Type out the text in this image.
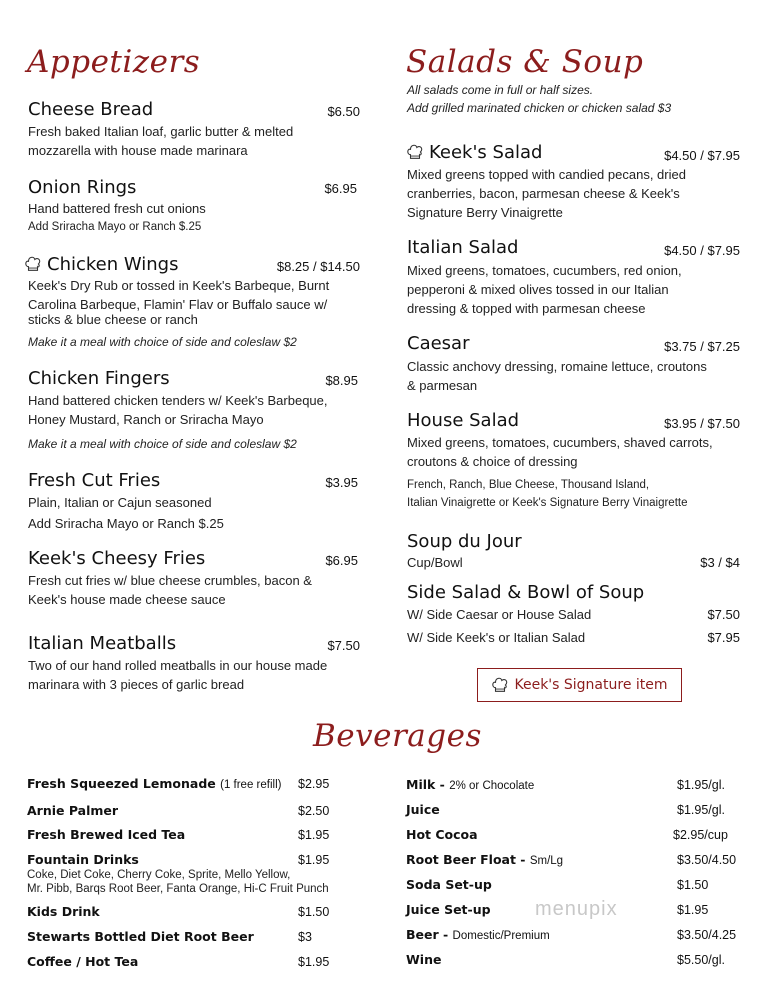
Appetizers
Cheese Bread	$6.50
Fresh baked Italian loaf, garlic butter & melted
mozzarella with house made marinara
Onion Rings	$6.95
Hand battered fresh cut onions
Add Sriracha Mayo or Ranch $.25
Chicken Wings	$8.25 / $14.50
Keek's Dry Rub or tossed in Keek's Barbeque, Burnt
Carolina Barbeque, Flamin' Flav or Buffalo sauce w/
sticks & blue cheese or ranch
Make it a meal with choice of side and coleslaw $2
Chicken Fingers	$8.95
Hand battered chicken tenders w/ Keek's Barbeque,
Honey Mustard, Ranch or Sriracha Mayo
Make it a meal with choice of side and coleslaw $2
Fresh Cut Fries	$3.95
Plain, Italian or Cajun seasoned
Add Sriracha Mayo or Ranch $.25
Keek's Cheesy Fries	$6.95
Fresh cut fries w/ blue cheese crumbles, bacon &
Keek's house made cheese sauce
Italian Meatballs	$7.50
Two of our hand rolled meatballs in our house made
marinara with 3 pieces of garlic bread
Salads & Soup
All salads come in full or half sizes.
Add grilled marinated chicken or chicken salad $3
Keek's Salad	$4.50 / $7.95
Mixed greens topped with candied pecans, dried
cranberries, bacon, parmesan cheese & Keek's
Signature Berry Vinaigrette
Italian Salad	$4.50 / $7.95
Mixed greens, tomatoes, cucumbers, red onion,
pepperoni & mixed olives tossed in our Italian
dressing & topped with parmesan cheese
Caesar	$3.75 / $7.25
Classic anchovy dressing, romaine lettuce, croutons
& parmesan
House Salad	$3.95 / $7.50
Mixed greens, tomatoes, cucumbers, shaved carrots,
croutons & choice of dressing
French, Ranch, Blue Cheese, Thousand Island,
Italian Vinaigrette or Keek's Signature Berry Vinaigrette
Soup du Jour
Cup/Bowl	$3 / $4
Side Salad & Bowl of Soup
W/ Side Caesar or House Salad	$7.50
W/ Side Keek's or Italian Salad	$7.95
Keek's Signature item
Beverages
Fresh Squeezed Lemonade (1 free refill) $2.95
Arnie Palmer	$2.50
Fresh Brewed Iced Tea	$1.95
Fountain Drinks	$1.95
Coke, Diet Coke, Cherry Coke, Sprite, Mello Yellow,
Mr. Pibb, Barqs Root Beer, Fanta Orange, Hi-C Fruit Punch
Kids Drink	$1.50
Stewarts Bottled Diet Root Beer	$3
Coffee / Hot Tea	$1.95
Milk - 2% or Chocolate	$1.95/gl.
Juice	$1.95/gl.
Hot Cocoa	$2.95/cup
Root Beer Float - Sm/Lg	$3.50/4.50
Soda Set-up	$1.50
Juice Set-up	$1.95
Beer - Domestic/Premium	$3.50/4.25
Wine	$5.50/gl.
menupix
